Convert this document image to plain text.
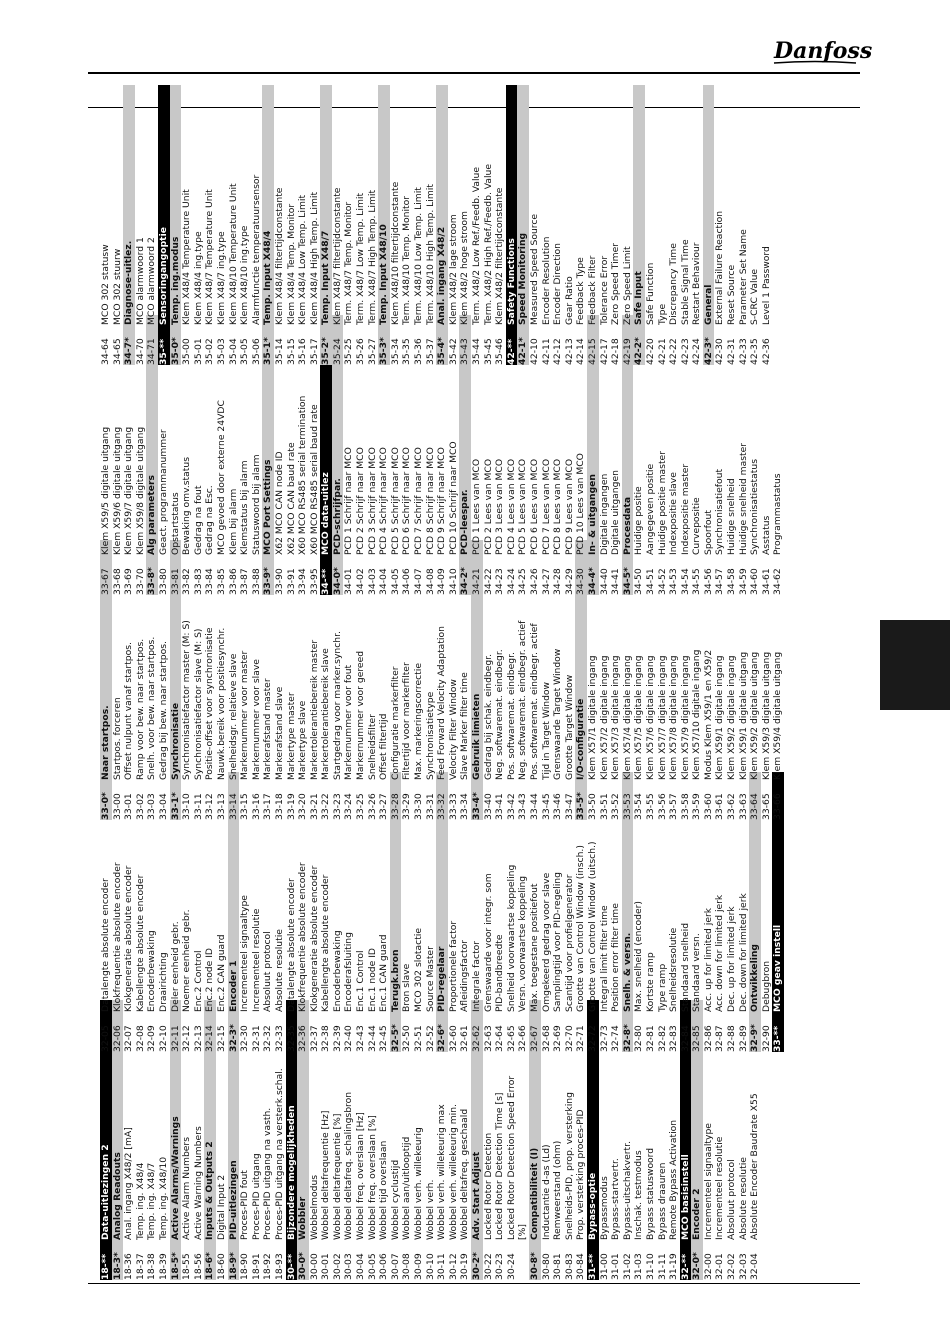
Danfoss
18-**
Data-uitlezingen 2
18-3*
Analog Readouts
18-36
Anal. ingang X48/2 [mA]
18-37
Temp. ing. X48/4
18-38
Temp. ing. X48/7
18-39
Temp. ing. X48/10
18-5*
Active Alarms/Warnings
18-55
Active Alarm Numbers
18-56
Active Warning Numbers
18-6*
Inputs & Outputs 2
18-60
Digital Input 2
18-9*
PID-uitlezingen
18-90
Proces-PID fout
18-91
Proces-PID uitgang
18-92
Proces-PID uitgang na vasth.
18-93
Proces-PID uitgang na versterk.schal.
30-**
Bijzondere mogelijkheden
30-0*
Wobbler
30-00
Wobbelmodus
30-01
Wobbel deltafrequentie [Hz]
30-02
Wobbel deltafrequentie [%]
30-03
Wobbel deltafreq. schalingsbron
30-04
Wobbel freq. overslaan [Hz]
30-05
Wobbel freq. overslaan [%]
30-06
Wobbel tijd overslaan
30-07
Wobbel cyclustijd
30-08
Wobbel aan/uitlooptijd
30-09
Wobbel verh. willekeurig
30-10
Wobbel verh.
30-11
Wobbel verh. willekeurig max
30-12
Wobbel verh. willekeurig min.
30-19
Wobbel deltafreq. geschaald
30-2*
Adv. Start Adjust
30-22
Locked Rotor Detection
30-23
Locked Rotor Detection Time [s]
30-24
Locked Rotor Detection Speed Error [%]
30-8*
Compatibiliteit (I)
30-80
Inductantie d-as (Ld)
30-81
Remweerstand (ohm)
30-83
Snelheids-PID, prop. versterking
30-84
Prop. versterking proces-PID
31-**
Bypass-optie
31-00
Bypassmodus
31-01
Bypass-startvertr.
31-02
Bypass-uitschakvertr.
31-03
Inschak. testmodus
31-10
Bypass statuswoord
31-11
Bypass draauren
31-19
Remote Bypass Activation
32-**
MCO basisinstell
32-0*
Encoder 2
32-00
Incrementeel signaaltype
32-01
Incrementeel resolutie
32-02
Absoluut protocol
32-03
Absolute resolutie
32-04
Absolute Encoder Baudrate X55
32-05
Datalengte absolute encoder
32-06
Klokfrequentie absolute encoder
32-07
Klokgeneratie absolute encoder
32-08
Kabellengte absolute encoder
32-09
Encoderbewaking
32-10
Draairichting
32-11
Deler eenheid gebr.
32-12
Noemer eenheid gebr.
32-13
Enc.2 Control
32-14
Enc.2 node ID
32-15
Enc.2 CAN guard
32-3*
Encoder 1
32-30
Incrementeel signaaltype
32-31
Incrementeel resolutie
32-32
Absoluut protocol
32-33
Absolute resolutie
32-35
Datalengte absolute encoder
32-36
Klokfrequentie absolute encoder
32-37
Klokgeneratie absolute encoder
32-38
Kabellengte absolute encoder
32-39
Encoderbewaking
32-40
Encoderafsluiting
32-43
Enc.1 Control
32-44
Enc.1 node ID
32-45
Enc.1 CAN guard
32-5*
Terugk.bron
32-50
Bron slave
32-51
MCO 302 slotactie
32-52
Source Master
32-6*
PID-regelaar
32-60
Proportionele factor
32-61
Afleidingsfactor
32-62
Integrale factor
32-63
Grenswaarde voor integr. som
32-64
PID-bandbreedte
32-65
Snelheid voorwaartse koppeling
32-66
Versn. voorwaartse koppeling
32-67
Max. toegestane positiefout
32-68
Omgekeerd gedrag voor slave
32-69
Samplingtijd voor PID-regeling
32-70
Scantijd voor profielgenerator
32-71
Grootte van Control Window (insch.)
32-72
Grootte van Control Window (uitsch.)
32-73
Integral limit filter time
32-74
Position error filter time
32-8*
Snelh. & versn.
32-80
Max. snelheid (encoder)
32-81
Kortste ramp
32-82
Type ramp
32-83
Snelheidsresolutie
32-84
Standaard snelheid
32-85
Standaard versn.
32-86
Acc. up for limited jerk
32-87
Acc. down for limited jerk
32-88
Dec. up for limited jerk
32-89
Dec. down for limited jerk
32-9*
Ontwikkeling
32-90
Debugbron
33-**
MCO geav instell
33-0*
Naar startpos.
33-00
Startpos. forceren
33-01
Offset nulpunt vanaf startpos.
33-02
Ramp voor bew. naar startpos.
33-03
Snelh. voor bew. naar startpos.
33-04
Gedrag bij bew. naar startpos.
33-1*
Synchronisatie
33-10
Synchronisatiefactor master (M: S)
33-11
Synchronisatiefactor slave (M: S)
33-12
Positie-offset voor synchronisatie
33-13
Nauwk.bereik voor positiesynchr.
33-14
Snelheidsgr. relatieve slave
33-15
Markernummer voor master
33-16
Markernummer voor slave
33-17
Markerafstand master
33-18
Markerafstand slave
33-19
Markertype master
33-20
Markertype slave
33-21
Markertolerantiebereik master
33-22
Markertolerantiebereik slave
33-23
Startgedrag voor marker.synchr.
33-24
Markernummer voor fout
33-25
Markernummer voor gereed
33-26
Snelheidsfilter
33-27
Offset filtertijd
33-28
Configuratie markerfilter
33-29
Filtertijd voor markerfilter
33-30
Max. markeringscorrectie
33-31
Synchronisatietype
33-32
Feed Forward Velocity Adaptation
33-33
Velocity Filter Window
33-34
Slave Marker filter time
33-4*
Gebruik limieten
33-40
Gedrag bij schak. eindbegr.
33-41
Neg. softwaremat. eindbegr.
33-42
Pos. softwaremat. eindbegr.
33-43
Neg. softwaremat. eindbegr. actief
33-44
Pos. softwaremat. eindbegr. actief
33-45
Tijd in Target Window
33-46
Grenswaarde Target Window
33-47
Grootte Target Window
33-5*
I/O-configuratie
33-50
Klem X57/1 digitale ingang
33-51
Klem X57/2 digitale ingang
33-52
Klem X57/3 digitale ingang
33-53
Klem X57/4 digitale ingang
33-54
Klem X57/5 digitale ingang
33-55
Klem X57/6 digitale ingang
33-56
Klem X57/7 digitale ingang
33-57
Klem X57/8 digitale ingang
33-58
Klem X57/9 digitale ingang
33-59
Klem X57/10 digitale ingang
33-60
Modus Klem X59/1 en X59/2
33-61
Klem X59/1 digitale ingang
33-62
Klem X59/2 digitale ingang
33-63
Klem X59/1 digitale uitgang
33-64
Klem X59/2 digitale uitgang
33-65
Klem X59/3 digitale uitgang
33-66
Klem X59/4 digitale uitgang
33-67
Klem X59/5 digitale uitgang
33-68
Klem X59/6 digitale uitgang
33-69
Klem X59/7 digitale uitgang
33-70
Klem X59/8 digitale uitgang
33-8*
Alg parameters
33-80
Geact. programmanummer
33-81
Opstartstatus
33-82
Bewaking omv.status
33-83
Gedrag na fout
33-84
Gedrag na Esc.
33-85
MCO gevoed door externe 24VDC
33-86
Klem bij alarm
33-87
Klemstatus bij alarm
33-88
Statuswoord bij alarm
33-9*
MCO Port Settings
33-90
X62 MCO CAN node ID
33-91
X62 MCO CAN baud rate
33-94
X60 MCO RS485 serial termination
33-95
X60 MCO RS485 serial baud rate
34-**
MCO data-uitlez
34-0*
PCD-schrijfpar.
34-01
PCD 1 Schrijf naar MCO
34-02
PCD 2 Schrijf naar MCO
34-03
PCD 3 Schrijf naar MCO
34-04
PCD 4 Schrijf naar MCO
34-05
PCD 5 Schrijf naar MCO
34-06
PCD 6 Schrijf naar MCO
34-07
PCD 7 Schrijf naar MCO
34-08
PCD 8 Schrijf naar MCO
34-09
PCD 9 Schrijf naar MCO
34-10
PCD 10 Schrijf naar MCO
34-2*
PCD-leespar.
34-21
PCD 1 Lees van MCO
34-22
PCD 2 Lees van MCO
34-23
PCD 3 Lees van MCO
34-24
PCD 4 Lees van MCO
34-25
PCD 5 Lees van MCO
34-26
PCD 6 Lees van MCO
34-27
PCD 7 Lees van MCO
34-28
PCD 8 Lees van MCO
34-29
PCD 9 Lees van MCO
34-30
PCD 10 Lees van MCO
34-4*
In- & uitgangen
34-40
Digitale ingangen
34-41
Digitale uitgangen
34-5*
Procesdata
34-50
Huidige positie
34-51
Aangegeven positie
34-52
Huidige positie master
34-53
Indexpositie slave
34-54
Indexpositie master
34-55
Curvepositie
34-56
Spoorfout
34-57
Synchronisatiefout
34-58
Huidige snelheid
34-59
Huidige snelheid master
34-60
Synchronisatiestatus
34-61
Asstatus
34-62
Programmastatus
34-64
MCO 302 statusw
34-65
MCO 302 stuurw
34-7*
Diagnose-uitlez.
34-70
MCO alarmwoord 1
34-71
MCO alarmwoord 2
35-**
Sensoringangoptie
35-0*
Temp. ing.modus
35-00
Klem X48/4 Temperature Unit
35-01
Klem X48/4 ing.type
35-02
Klem X48/7 Temperature Unit
35-03
Klem X48/7 ing.type
35-04
Klem X48/10 Temperature Unit
35-05
Klem X48/10 ing.type
35-06
Alarmfunctie temperatuursensor
35-1*
Temp. Input X48/4
35-14
Klem X48/4 filtertijdconstante
35-15
Klem X48/4 Temp. Monitor
35-16
Klem X48/4 Low Temp. Limit
35-17
Klem X48/4 High Temp. Limit
35-2*
Temp. Input X48/7
35-24
Klem X48/7 filtertijdconstante
35-25
Term. X48/7 Temp. Monitor
35-26
Term. X48/7 Low Temp. Limit
35-27
Term. X48/7 High Temp. Limit
35-3*
Temp. Input X48/10
35-34
Klem X48/10 filtertijdconstante
35-35
Term. X48/10 Temp. Monitor
35-36
Term. X48/10 Low Temp. Limit
35-37
Term. X48/10 High Temp. Limit
35-4*
Anal. ingang X48/2
35-42
Klem X48/2 lage stroom
35-43
Klem X48/2 hoge stroom
35-44
Term. X48/2 Low Ref./Feedb. Value
35-45
Term. X48/2 High Ref./Feedb. Value
35-46
Klem X48/2 filtertijdconstante
42-**
Safety Functions
42-1*
Speed Monitoring
42-10
Measured Speed Source
42-11
Encoder Resolution
42-12
Encoder Direction
42-13
Gear Ratio
42-14
Feedback Type
42-15
Feedback Filter
42-17
Tolerance Error
42-18
Zero Speed Timer
42-19
Zero Speed Limit
42-2*
Safe Input
42-20
Safe Function
42-21
Type
42-22
Discrepancy Time
42-23
Stable Signal Time
42-24
Restart Behaviour
42-3*
General
42-30
External Failure Reaction
42-31
Reset Source
42-33
Parameter Set Name
42-35
S-CRC Value
42-36
Level 1 Password
